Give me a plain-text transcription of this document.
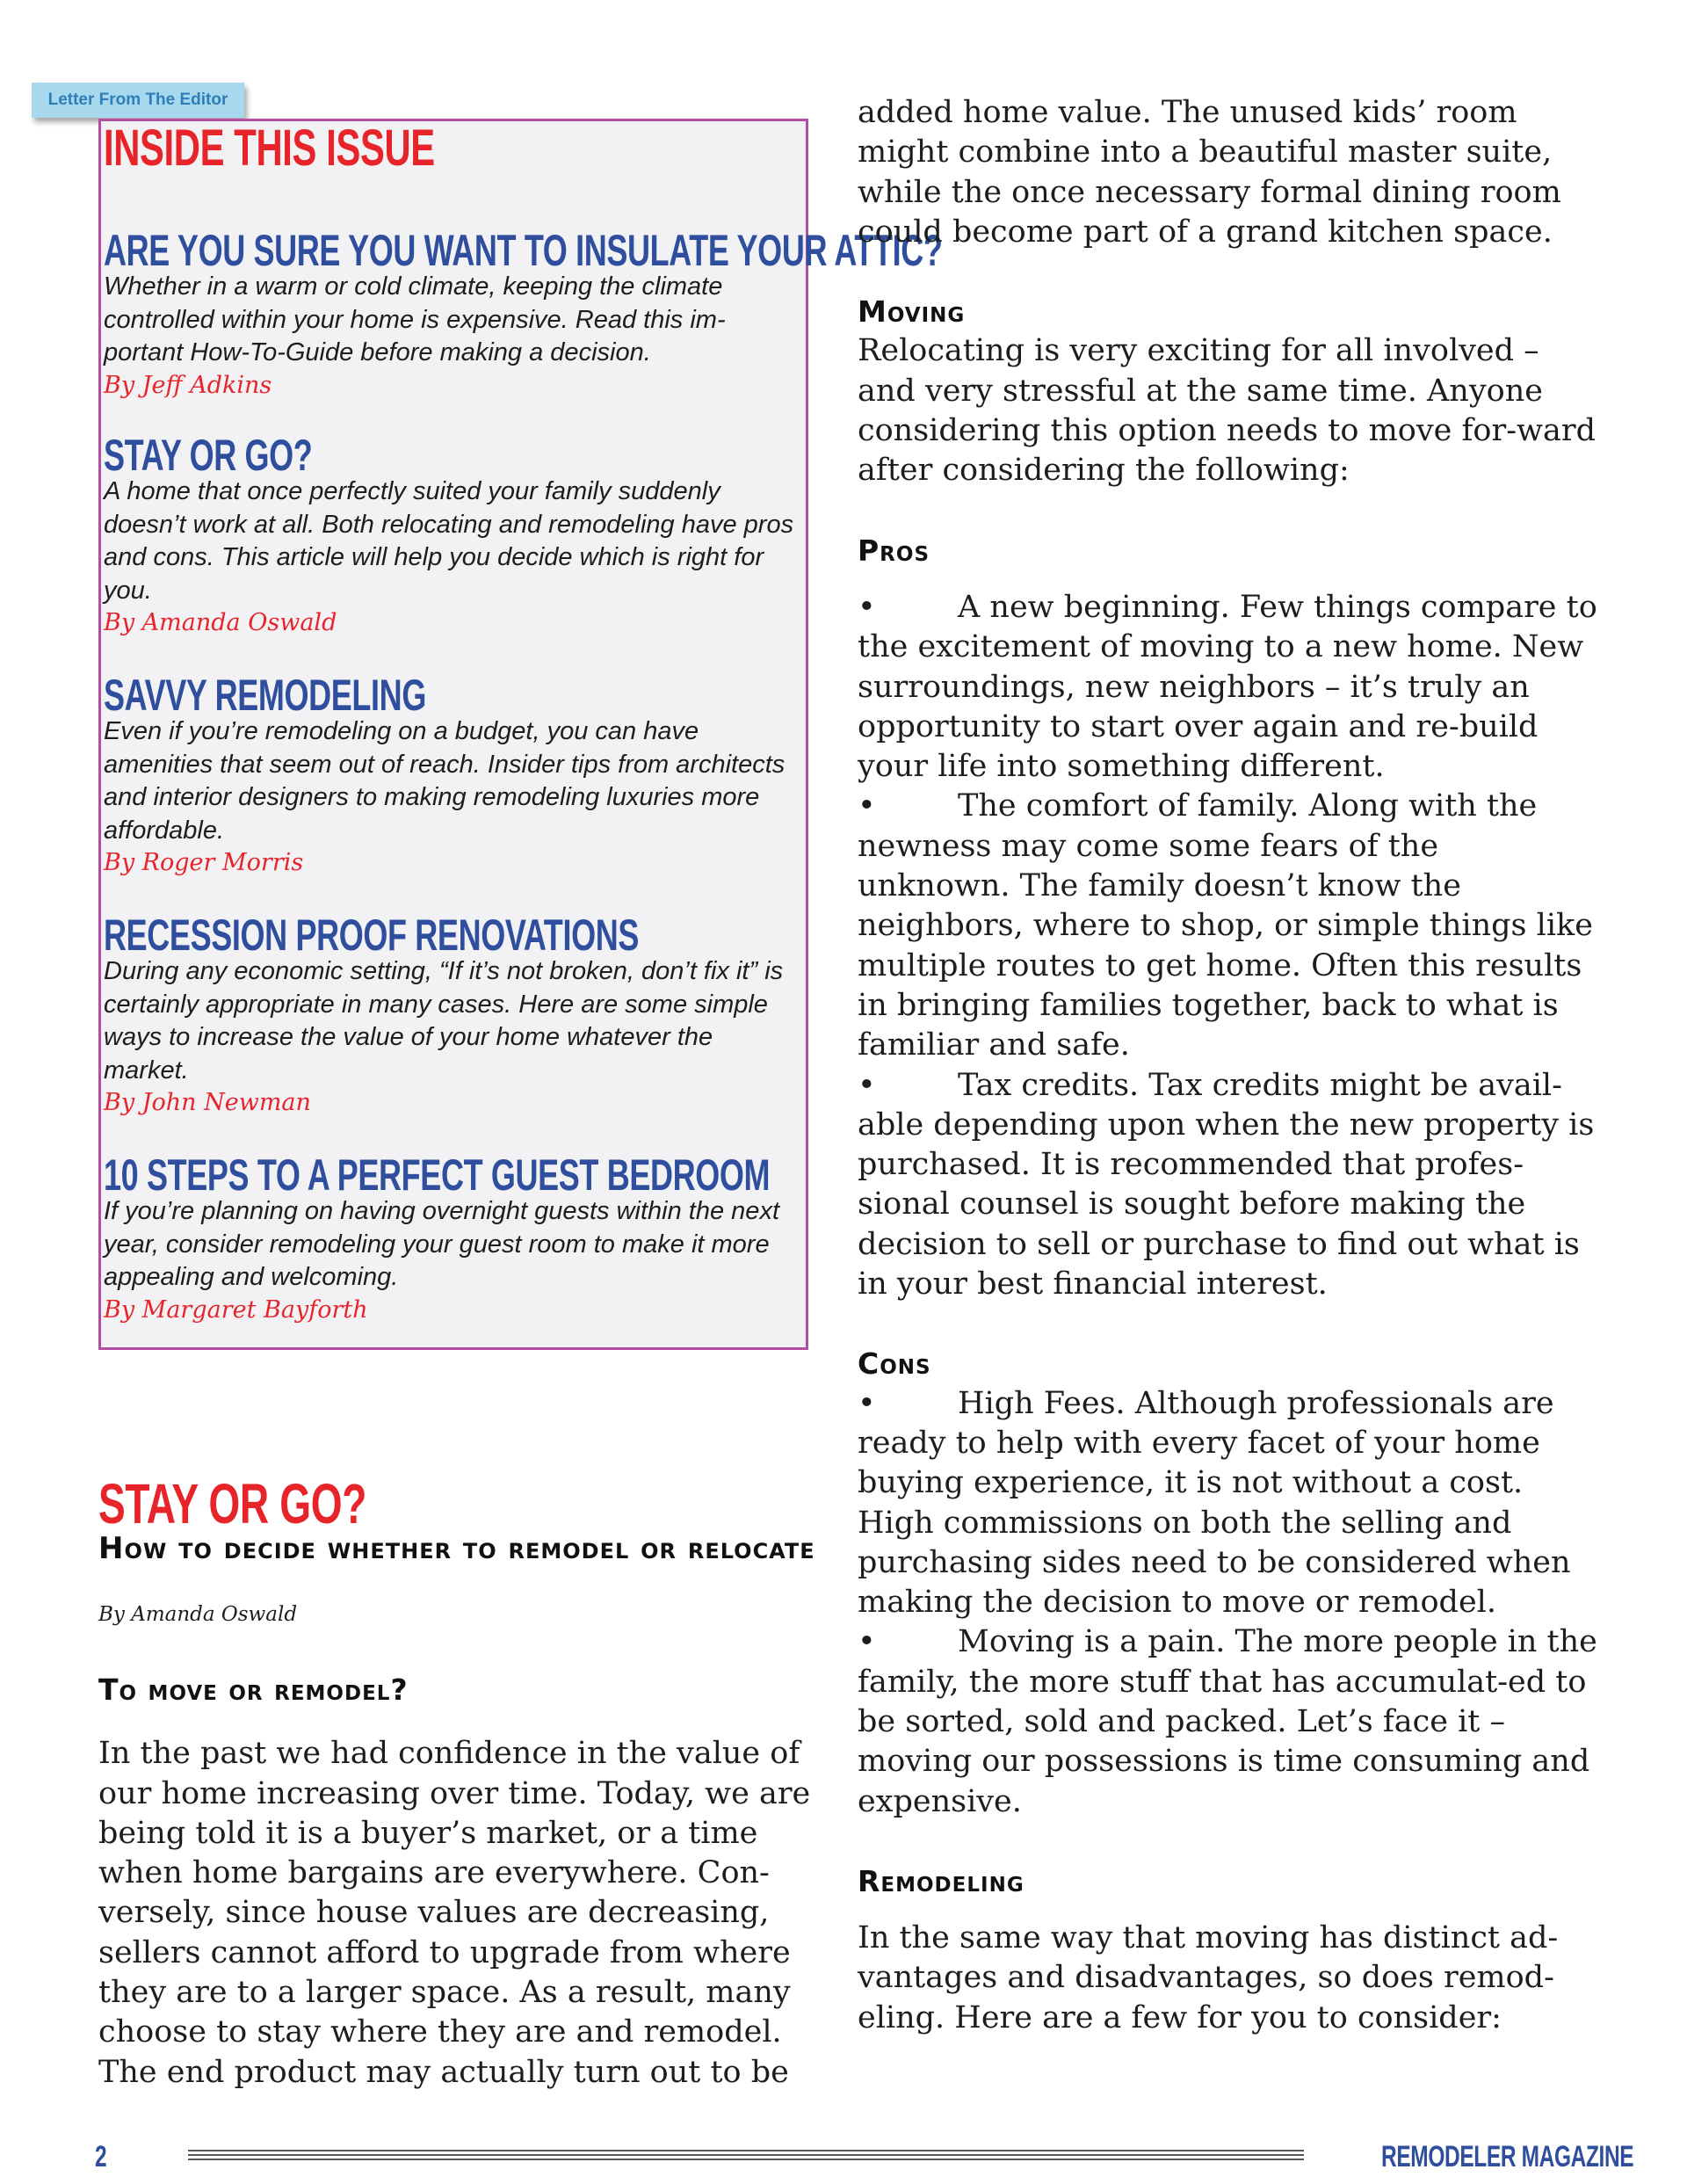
Letter From The Editor
INSIDE THIS ISSUE
ARE YOU SURE YOU WANT TO INSULATE YOUR ATTIC?
Whether in a warm or cold climate, keeping the climate controlled within your home is expensive. Read this im-portant How-To-Guide before making a decision.
By Jeff Adkins
STAY OR GO?
A home that once perfectly suited your family suddenly doesn’t work at all. Both relocating and remodeling have pros and cons. This article will help you decide which is right for you.
By Amanda Oswald
SAVVY REMODELING
Even if you’re remodeling on a budget, you can have amenities that seem out of reach. Insider tips from architects and interior designers to making remodeling luxuries more affordable.
By Roger Morris
RECESSION PROOF RENOVATIONS
During any economic setting, “If it’s not broken, don’t fix it” is certainly appropriate in many cases. Here are some simple ways to increase the value of your home whatever the market.
By John Newman
10 STEPS TO A PERFECT GUEST BEDROOM
If you’re planning on having overnight guests within the next year, consider remodeling your guest room to make it more appealing and welcoming.
By Margaret Bayforth
STAY OR GO?
How to decide whether to remodel or relocate
By Amanda Oswald

To move or remodel?

In the past we had confidence in the value of our home increasing over time. Today, we are being told it is a buyer’s market, or a time when home bargains are everywhere. Con-versely, since house values are decreasing, sellers cannot afford to upgrade from where they are to a larger space. As a result, many choose to stay where they are and remodel. The end product may actually turn out to be

added home value. The unused kids’ room might combine into a beautiful master suite, while the once necessary formal dining room could become part of a grand kitchen space.

Moving

Relocating is very exciting for all involved – and very stressful at the same time. Anyone considering this option needs to move for-ward after considering the following:

Pros

•	A new beginning. Few things compare to the excitement of moving to a new home. New surroundings, new neighbors – it’s truly an opportunity to start over again and re-build your life into something different.

•	The comfort of family. Along with the newness may come some fears of the unknown. The family doesn’t know the neighbors, where to shop, or simple things like multiple routes to get home. Often this results in bringing families together, back to what is familiar and safe.

•	Tax credits. Tax credits might be avail-able depending upon when the new property is purchased. It is recommended that profes-sional counsel is sought before making the decision to sell or purchase to find out what is in your best financial interest.

Cons

•	High Fees. Although professionals are ready to help with every facet of your home buying experience, it is not without a cost. High commissions on both the selling and purchasing sides need to be considered when making the decision to move or remodel.

•	Moving is a pain. The more people in the family, the more stuff that has accumulat-ed to be sorted, sold and packed. Let’s face it – moving our possessions is time consuming and expensive.

Remodeling

In the same way that moving has distinct ad-vantages and disadvantages, so does remod-eling. Here are a few for you to consider:

2	REMODELER MAGAZINE
